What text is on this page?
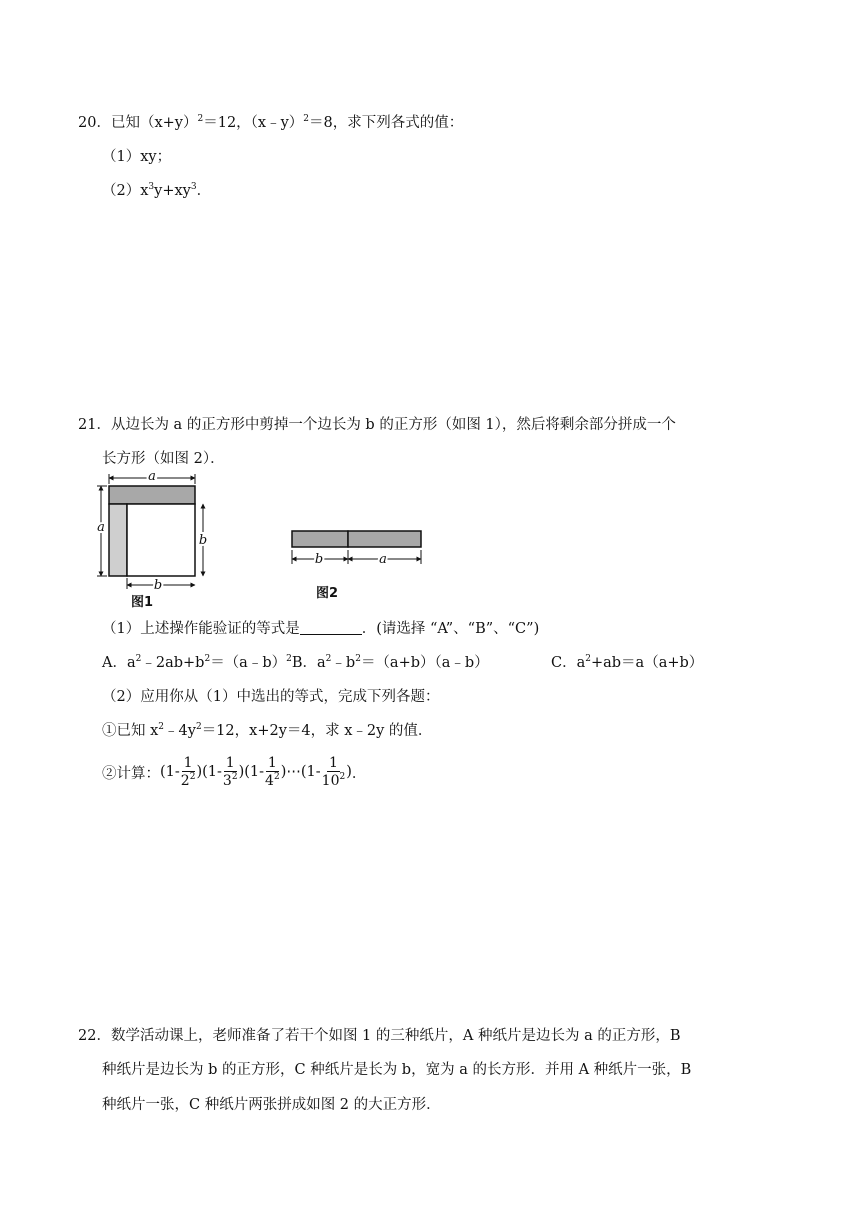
20．已知$(x+y)^2=12$，（x﹣y）$^2$＝8，求下列各式的值：
（1）xy；
$(2)x^3y+xy^3$．
21．从边长为 a 的正方形中剪掉一个边长为 b 的正方形（如图 1），然后将剩余部分拼成一个
长方形（如图 2）．
a
a
b
b
图1
b	a
图2
（1）上述操作能验证的等式是	．(请选择 “A”、“B”、“C”)
A．$a^2﹣2ab+b^2=(a﹣b)^2B$．$a^2﹣b^2=(a+b)(a﹣b)$	C．$a^2+ab=a(a+b)$
（2）应用你从（1）中选出的等式，完成下列各题：
①已知 $x^2﹣4y^2=12$，x+2y＝4，求 x﹣2y 的值．
②计算： ($1- \frac{1}{2^2}$ ) ($1- \frac{1}{3^2}$ ) ($1- \frac{1}{4^2}$ ) ⋯ ($1- \frac{1}{10^2}$ ) ．
22．数学活动课上，老师准备了若干个如图 1 的三种纸片，A 种纸片是边长为 a 的正方形，B
种纸片是边长为 b 的正方形，C 种纸片是长为 b，宽为 a 的长方形．并用 A 种纸片一张，B
种纸片一张，C 种纸片两张拼成如图 2 的大正方形．
